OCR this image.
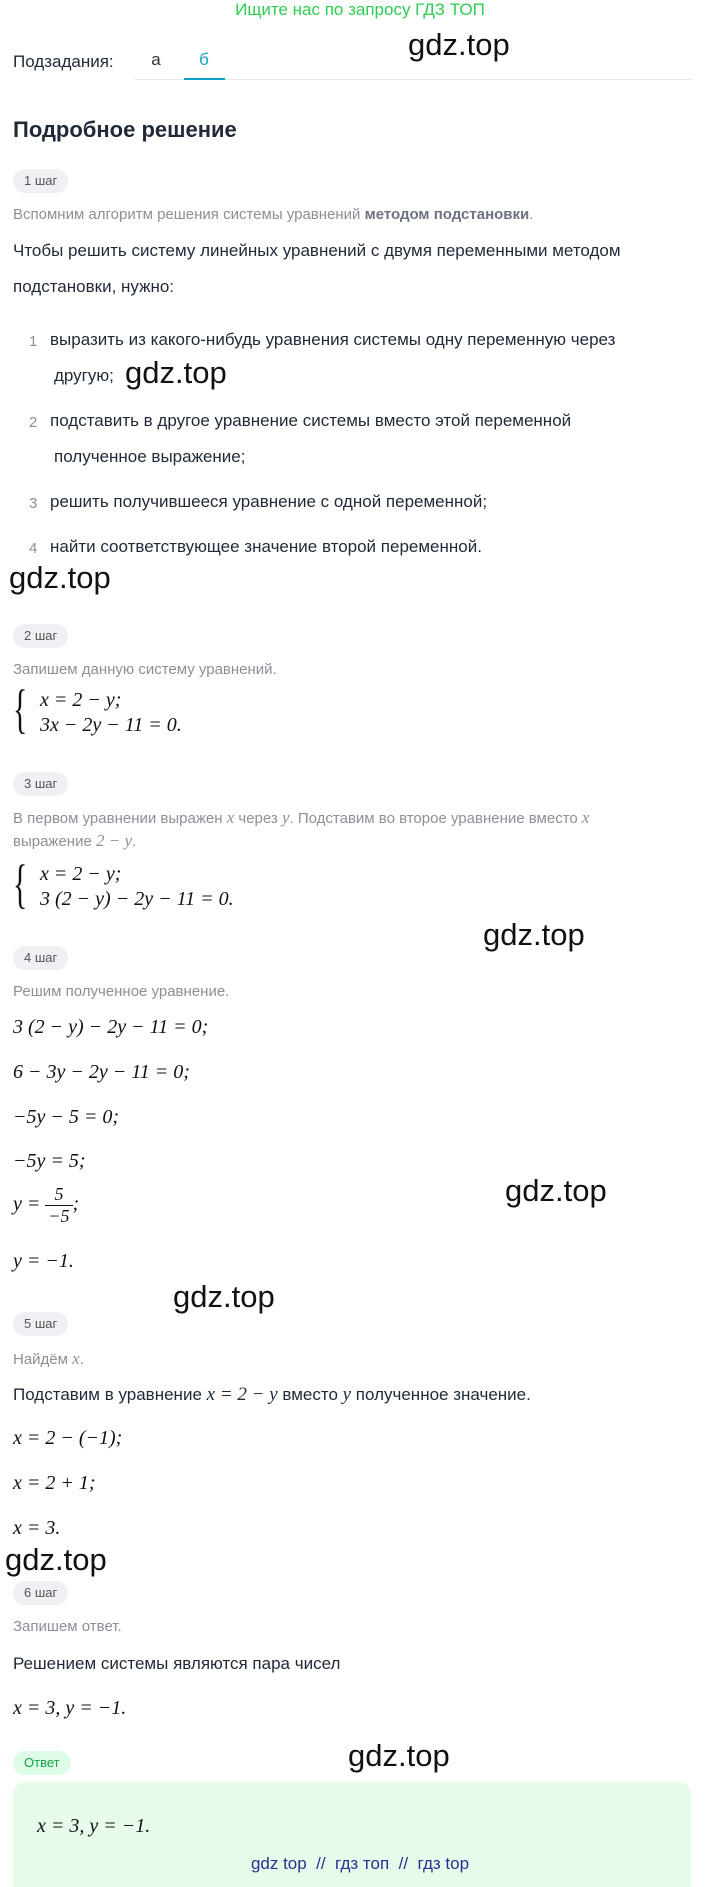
Ищите нас по запросу ГДЗ ТОП
Подзадания: а	б
Подробное решение
gdz.top
gdz.top
gdz.top
gdz.top
gdz.top
gdz.top
gdz.top
gdz.top
1 шаг
Вспомним алгоритм решения системы уравнений методом подстановки.
Чтобы решить систему линейных уравнений с двумя переменными методом
подстановки, нужно:
1 выразить из какого-нибудь уравнения системы одну переменную через
другую;
2 подставить в другое уравнение системы вместо этой переменной
полученное выражение;
3 решить получившееся уравнение с одной переменной;
4 найти соответствующее значение второй переменной.
2 шаг
Запишем данную систему уравнений.
{ x = 2 − y;
3x − 2y − 11 = 0.
3 шаг
В первом уравнении выражен x через y. Подставим во второе уравнение вместо x
выражение 2 − y.
{ x = 2 − y;
3 (2 − y) − 2y − 11 = 0.
4 шаг
Решим полученное уравнение.
3 (2 − y) − 2y − 11 = 0;
6 − 3y − 2y − 11 = 0;
−5y − 5 = 0;
−5y = 5;
$y = \frac{5}{-5}$ ;
y = −1.
5 шаг
Найдём x.
Подставим в уравнение x = 2 − y вместо y полученное значение.
x = 2 − (−1);
x = 2 + 1;
x = 3.
6 шаг
Запишем ответ.
Решением системы являются пара чисел
x = 3, y = −1.
Ответ
x = 3, y = −1.
gdz top  //  гдз топ  //  гдз top
